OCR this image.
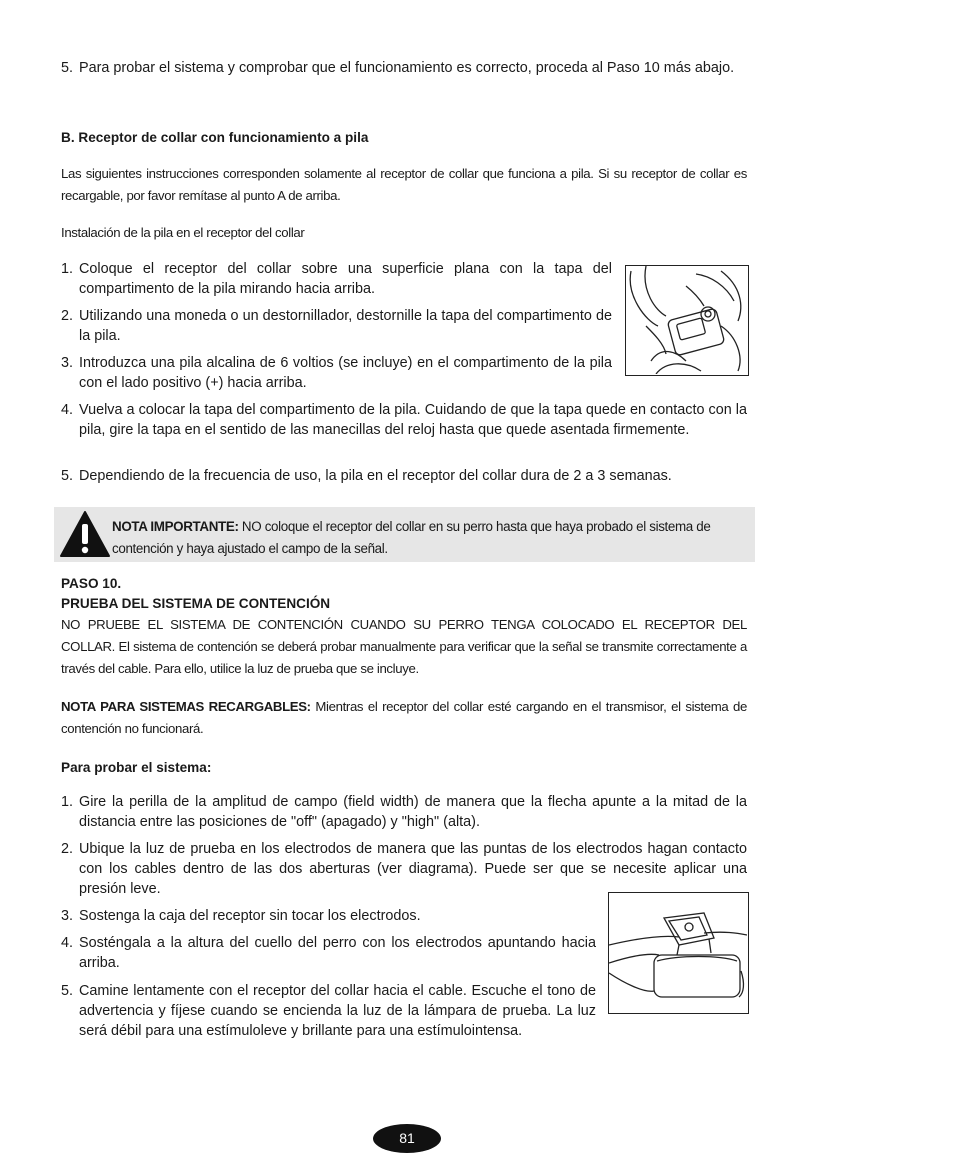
5. Para probar el sistema y comprobar que el funcionamiento es correcto, proceda al Paso 10 más abajo.

B. Receptor de collar con funcionamiento a pila

Las siguientes instrucciones corresponden solamente al receptor de collar que funciona a pila. Si su receptor de collar es recargable, por favor remítase al punto A de arriba.

Instalación de la pila en el receptor del collar

1. Coloque el receptor del collar sobre una superficie plana con la tapa del compartimento de la pila mirando hacia arriba.
2. Utilizando una moneda o un destornillador, destornille la tapa del compartimento de la pila.
3. Introduzca una pila alcalina de 6 voltios (se incluye) en el compartimento de la pila con el lado positivo (+) hacia arriba.
4. Vuelva a colocar la tapa del compartimento de la pila. Cuidando de que la tapa quede en contacto con la pila, gire la tapa en el sentido de las manecillas del reloj hasta que quede asentada firmemente.
5. Dependiendo de la frecuencia de uso, la pila en el receptor del collar dura de 2 a 3 semanas.

NOTA IMPORTANTE: NO coloque el receptor del collar en su perro hasta que haya probado el sistema de contención y haya ajustado el campo de la señal.

PASO 10.

PRUEBA DEL SISTEMA DE CONTENCIÓN

NO PRUEBE EL SISTEMA DE CONTENCIÓN CUANDO SU PERRO TENGA COLOCADO EL RECEPTOR DEL COLLAR. El sistema de contención se deberá probar manualmente para verificar que la señal se transmite correctamente a través del cable. Para ello, utilice la luz de prueba que se incluye.

NOTA PARA SISTEMAS RECARGABLES: Mientras el receptor del collar esté cargando en el transmisor, el sistema de contención no funcionará.

Para probar el sistema:

1. Gire la perilla de la amplitud de campo (field width) de manera que la flecha apunte a la mitad de la distancia entre las posiciones de "off" (apagado) y "high" (alta).
2. Ubique la luz de prueba en los electrodos de manera que las puntas de los electrodos hagan contacto con los cables dentro de las dos aberturas (ver diagrama). Puede ser que se necesite aplicar una presión leve.
3. Sostenga la caja del receptor sin tocar los electrodos.
4. Sosténgala a la altura del cuello del perro con los electrodos apuntando hacia arriba.
5. Camine lentamente con el receptor del collar hacia el cable. Escuche el tono de advertencia y fíjese cuando se encienda la luz de la lámpara de prueba. La luz será débil para una estímuloleve y brillante para una estímulointensa.
81
